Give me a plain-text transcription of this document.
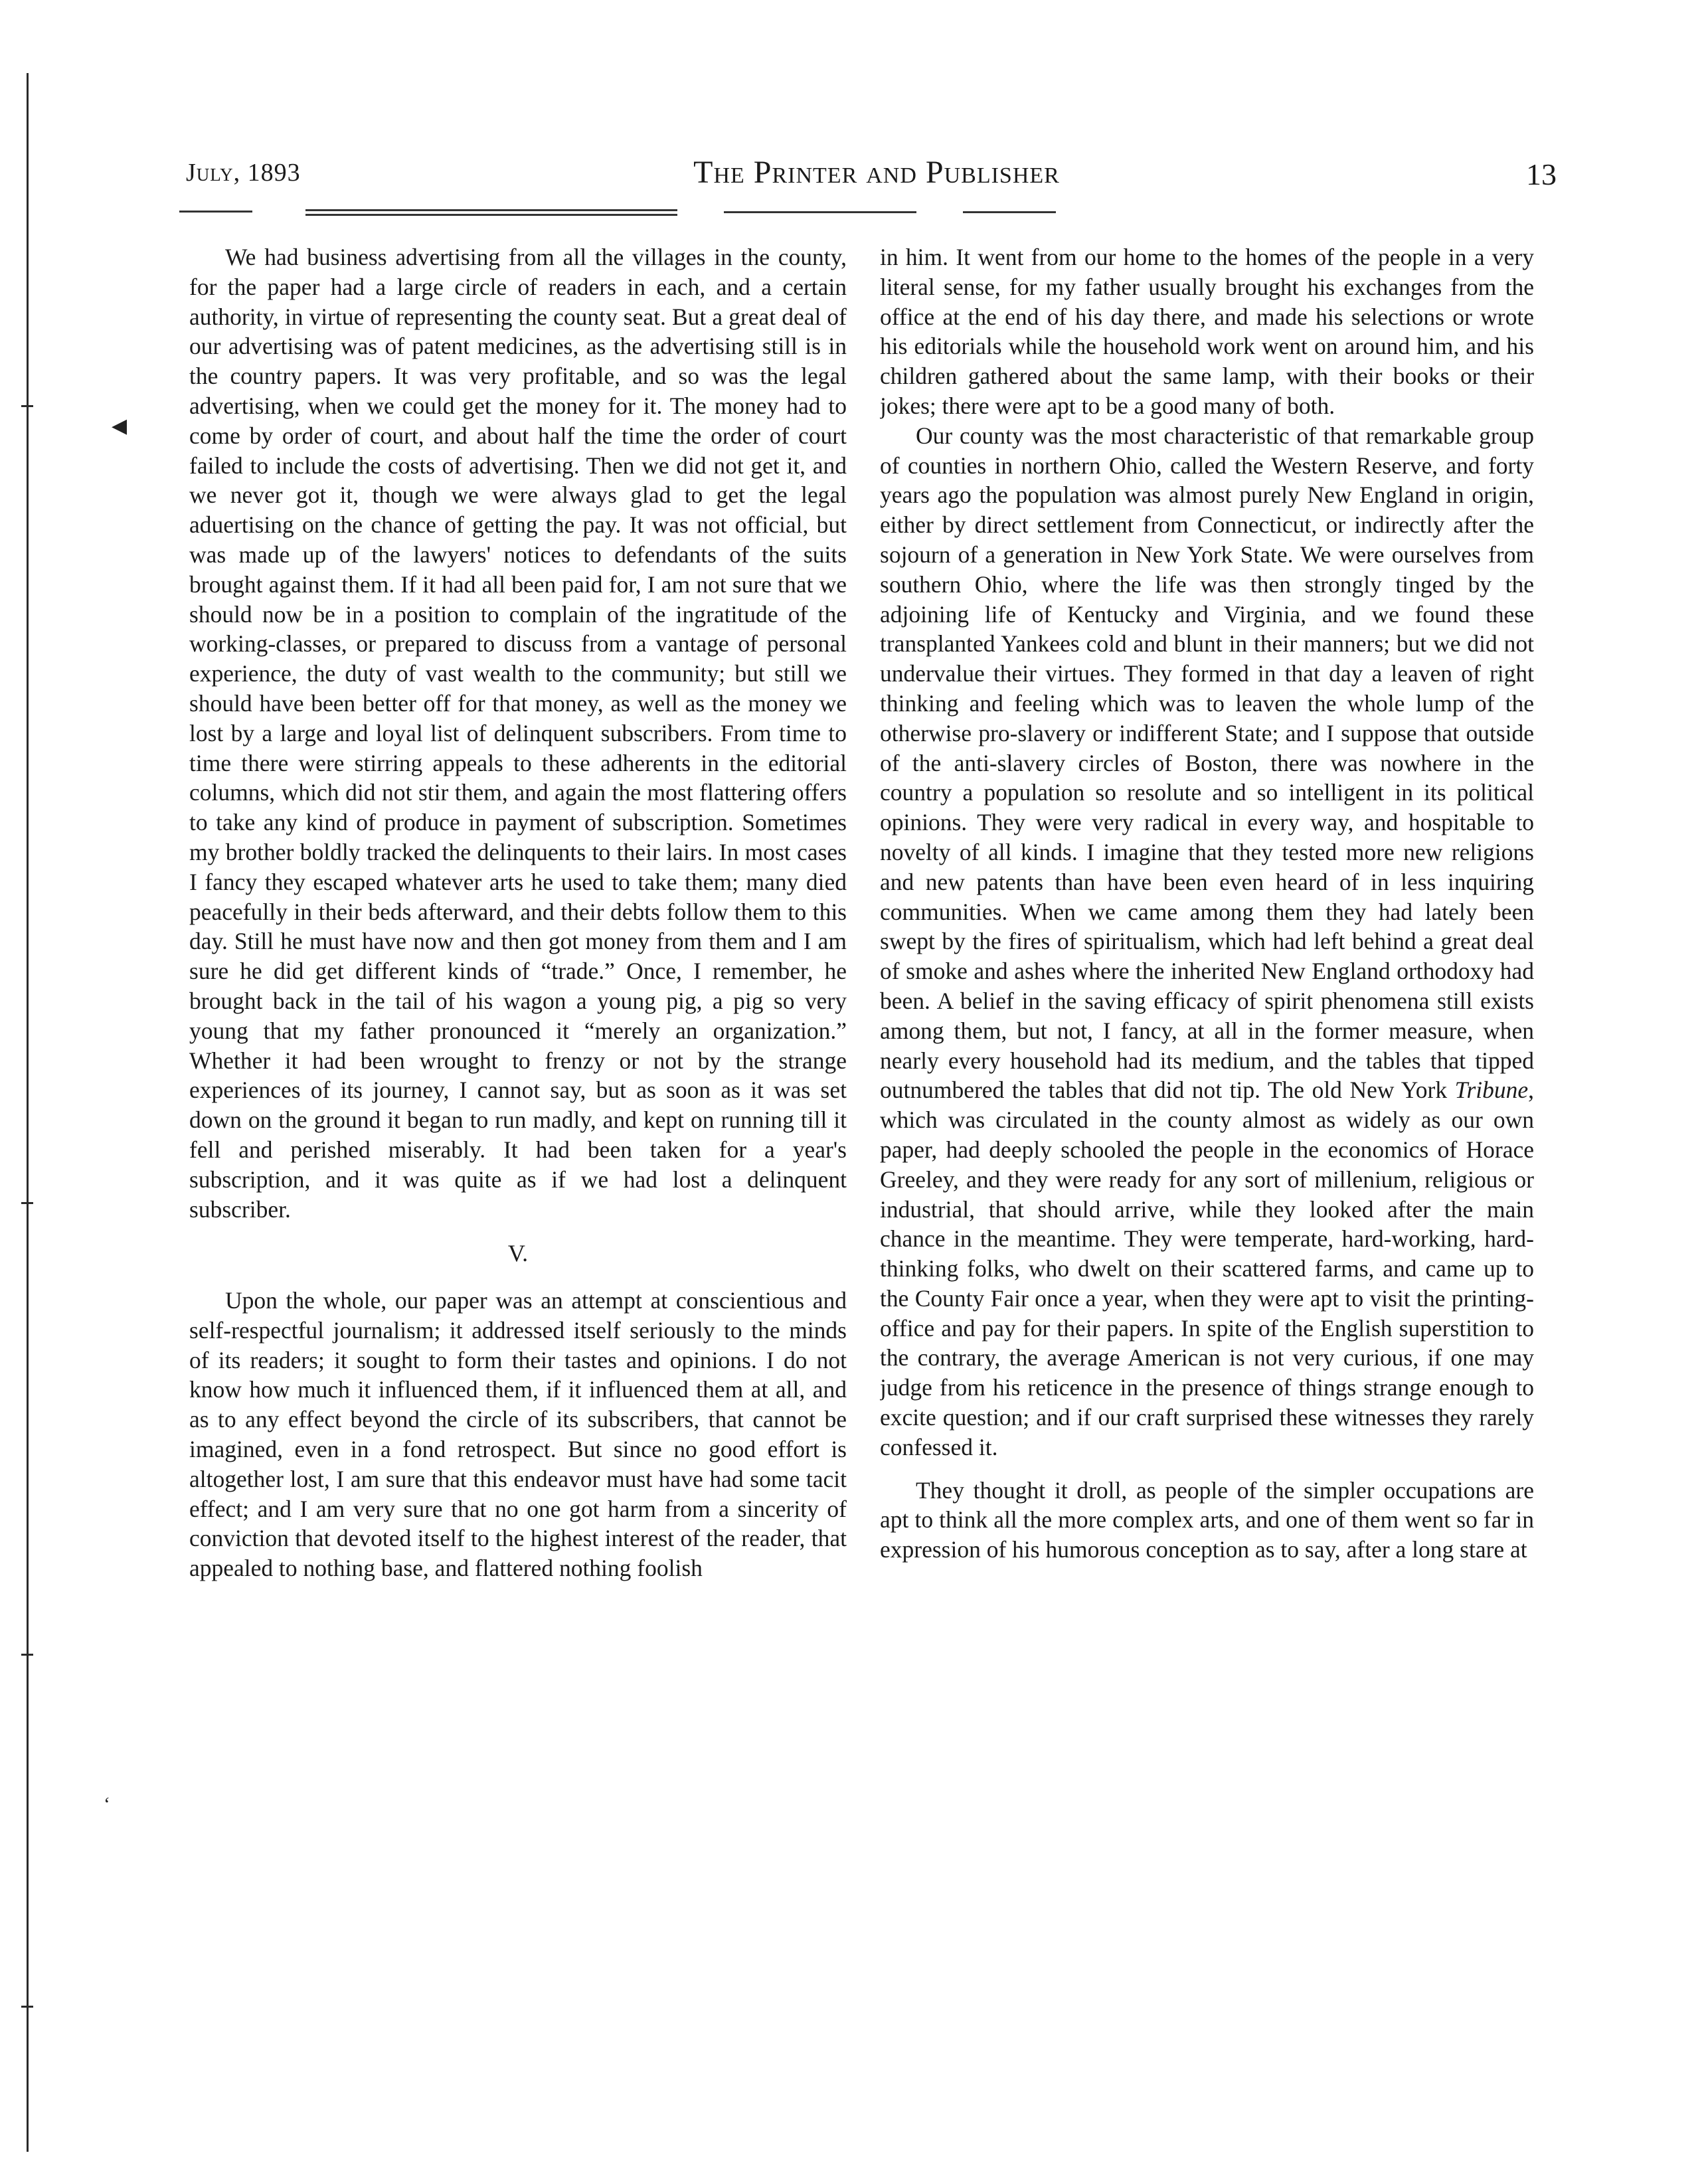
◀
‘
July, 1893	The Printer and Publisher	13

We had business advertising from all the villages in the county, for the paper had a large circle of readers in each, and a certain authority, in virtue of representing the county seat. But a great deal of our advertising was of patent medicines, as the advertising still is in the country papers. It was very profitable, and so was the legal advertising, when we could get the money for it. The money had to come by order of court, and about half the time the order of court failed to include the costs of advertising. Then we did not get it, and we never got it, though we were always glad to get the legal aduertising on the chance of getting the pay. It was not official, but was made up of the lawyers' notices to defendants of the suits brought against them. If it had all been paid for, I am not sure that we should now be in a position to complain of the ingratitude of the working-classes, or prepared to discuss from a vantage of personal experience, the duty of vast wealth to the community; but still we should have been better off for that money, as well as the money we lost by a large and loyal list of delinquent subscribers. From time to time there were stirring appeals to these adherents in the editorial columns, which did not stir them, and again the most flattering offers to take any kind of produce in payment of subscription. Sometimes my brother boldly tracked the delinquents to their lairs. In most cases I fancy they escaped whatever arts he used to take them; many died peacefully in their beds afterward, and their debts follow them to this day. Still he must have now and then got money from them and I am sure he did get different kinds of “trade.” Once, I remember, he brought back in the tail of his wagon a young pig, a pig so very young that my father pronounced it “merely an organization.” Whether it had been wrought to frenzy or not by the strange experiences of its journey, I cannot say, but as soon as it was set down on the ground it began to run madly, and kept on running till it fell and perished miserably. It had been taken for a year's subscription, and it was quite as if we had lost a delinquent subscriber.

V.

Upon the whole, our paper was an attempt at conscientious and self-respectful journalism; it addressed itself seriously to the minds of its readers; it sought to form their tastes and opinions. I do not know how much it influenced them, if it influenced them at all, and as to any effect beyond the circle of its subscribers, that cannot be imagined, even in a fond retrospect. But since no good effort is altogether lost, I am sure that this endeavor must have had some tacit effect; and I am very sure that no one got harm from a sincerity of conviction that devoted itself to the highest interest of the reader, that appealed to nothing base, and flattered nothing foolish

in him. It went from our home to the homes of the people in a very literal sense, for my father usually brought his exchanges from the office at the end of his day there, and made his selections or wrote his editorials while the household work went on around him, and his children gathered about the same lamp, with their books or their jokes; there were apt to be a good many of both.

Our county was the most characteristic of that remarkable group of counties in northern Ohio, called the Western Reserve, and forty years ago the population was almost purely New England in origin, either by direct settlement from Connecticut, or indirectly after the sojourn of a generation in New York State. We were ourselves from southern Ohio, where the life was then strongly tinged by the adjoining life of Kentucky and Virginia, and we found these transplanted Yankees cold and blunt in their manners; but we did not undervalue their virtues. They formed in that day a leaven of right thinking and feeling which was to leaven the whole lump of the otherwise pro-slavery or indifferent State; and I suppose that outside of the anti-slavery circles of Boston, there was nowhere in the country a population so resolute and so intelligent in its political opinions. They were very radical in every way, and hospitable to novelty of all kinds. I imagine that they tested more new religions and new patents than have been even heard of in less inquiring communities. When we came among them they had lately been swept by the fires of spiritualism, which had left behind a great deal of smoke and ashes where the inherited New England orthodoxy had been. A belief in the saving efficacy of spirit phenomena still exists among them, but not, I fancy, at all in the former measure, when nearly every household had its medium, and the tables that tipped outnumbered the tables that did not tip. The old New York Tribune, which was circulated in the county almost as widely as our own paper, had deeply schooled the people in the economics of Horace Greeley, and they were ready for any sort of millenium, religious or industrial, that should arrive, while they looked after the main chance in the meantime. They were temperate, hard-working, hard-thinking folks, who dwelt on their scattered farms, and came up to the County Fair once a year, when they were apt to visit the printing-office and pay for their papers. In spite of the English superstition to the contrary, the average American is not very curious, if one may judge from his reticence in the presence of things strange enough to excite question; and if our craft surprised these witnesses they rarely confessed it.

They thought it droll, as people of the simpler occupations are apt to think all the more complex arts, and one of them went so far in expression of his humorous conception as to say, after a long stare at
